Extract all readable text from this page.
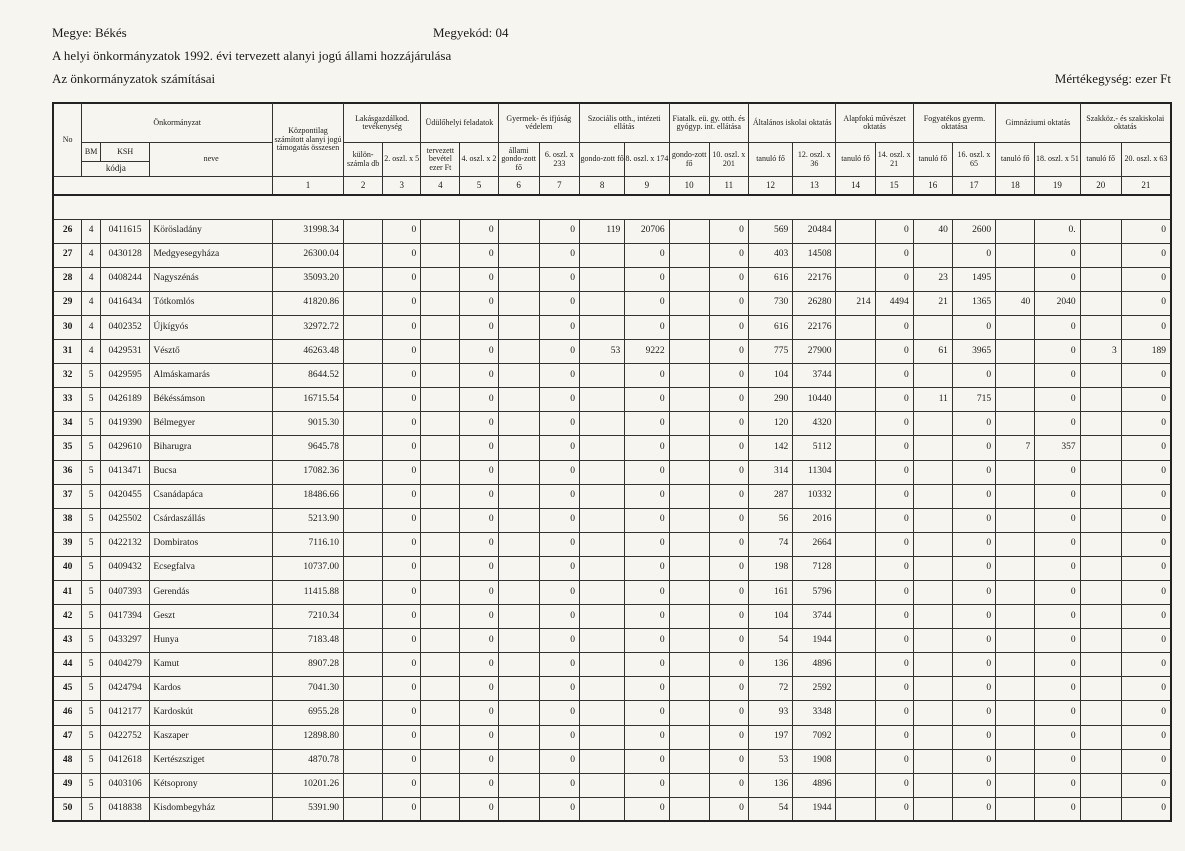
Megye: Békés	Megyekód: 04
A helyi önkormányzatok 1992. évi tervezett alanyi jogú állami hozzájárulása
Az önkormányzatok számításai	Mértékegység: ezer Ft
No	Önkormányzat			Központilag számított alanyi jogú támogatás összesen	Lakásgazdálkod. tevékenység		Üdülőhelyi feladatok		Gyermek- és ifjúság védelem		Szociális otth., intézeti ellátás		Fiatalk. eü. gy. otth. és gyógyp. int. ellátása		Általános iskolai oktatás		Alapfokú művészet oktatás		Fogyatékos gyerm. oktatása		Gimnáziumi oktatás		Szakköz.- és szakiskolai oktatás	

	BM	KSH	neve		külön-számla db	2. oszl. x 5	tervezett bevétel ezer Ft	4. oszl. x 2	állami gondo-zott fő	6. oszl. x 233	gondo-zott fő	8. oszl. x 174	gondo-zott fő	10. oszl. x 201	tanuló fő	12. oszl. x 36	tanuló fő	14. oszl. x 21	tanuló fő	16. oszl. x 65	tanuló fő	18. oszl. x 51	tanuló fő	20. oszl. x 63
	kódja																							
				1	2	3	4	5	6	7	8	9	10	11	12	13	14	15	16	17	18	19	20	21

26	4	0411615	Körösladány	31998.34		0		0		0	119	20706		0	569	20484		0	40	2600		0.		0
27	4	0430128	Medgyesegyháza	26300.04		0		0		0		0		0	403	14508		0		0		0		0
28	4	0408244	Nagyszénás	35093.20		0		0		0		0		0	616	22176		0	23	1495		0		0
29	4	0416434	Tótkomlós	41820.86		0		0		0		0		0	730	26280	214	4494	21	1365	40	2040		0
30	4	0402352	Újkígyós	32972.72		0		0		0		0		0	616	22176		0		0		0		0
31	4	0429531	Vésztő	46263.48		0		0		0	53	9222		0	775	27900		0	61	3965		0	3	189
32	5	0429595	Almáskamarás	8644.52		0		0		0		0		0	104	3744		0		0		0		0
33	5	0426189	Békéssámson	16715.54		0		0		0		0		0	290	10440		0	11	715		0		0
34	5	0419390	Bélmegyer	9015.30		0		0		0		0		0	120	4320		0		0		0		0
35	5	0429610	Biharugra	9645.78		0		0		0		0		0	142	5112		0		0	7	357		0
36	5	0413471	Bucsa	17082.36		0		0		0		0		0	314	11304		0		0		0		0
37	5	0420455	Csanádapáca	18486.66		0		0		0		0		0	287	10332		0		0		0		0
38	5	0425502	Csárdaszállás	5213.90		0		0		0		0		0	56	2016		0		0		0		0
39	5	0422132	Dombiratos	7116.10		0		0		0		0		0	74	2664		0		0		0		0
40	5	0409432	Ecsegfalva	10737.00		0		0		0		0		0	198	7128		0		0		0		0
41	5	0407393	Gerendás	11415.88		0		0		0		0		0	161	5796		0		0		0		0
42	5	0417394	Geszt	7210.34		0		0		0		0		0	104	3744		0		0		0		0
43	5	0433297	Hunya	7183.48		0		0		0		0		0	54	1944		0		0		0		0
44	5	0404279	Kamut	8907.28		0		0		0		0		0	136	4896		0		0		0		0
45	5	0424794	Kardos	7041.30		0		0		0		0		0	72	2592		0		0		0		0
46	5	0412177	Kardoskút	6955.28		0		0		0		0		0	93	3348		0		0		0		0
47	5	0422752	Kaszaper	12898.80		0		0		0		0		0	197	7092		0		0		0		0
48	5	0412618	Kertészsziget	4870.78		0		0		0		0		0	53	1908		0		0		0		0
49	5	0403106	Kétsoprony	10201.26		0		0		0		0		0	136	4896		0		0		0		0
50	5	0418838	Kisdombegyház	5391.90		0		0		0		0		0	54	1944		0		0		0		0
